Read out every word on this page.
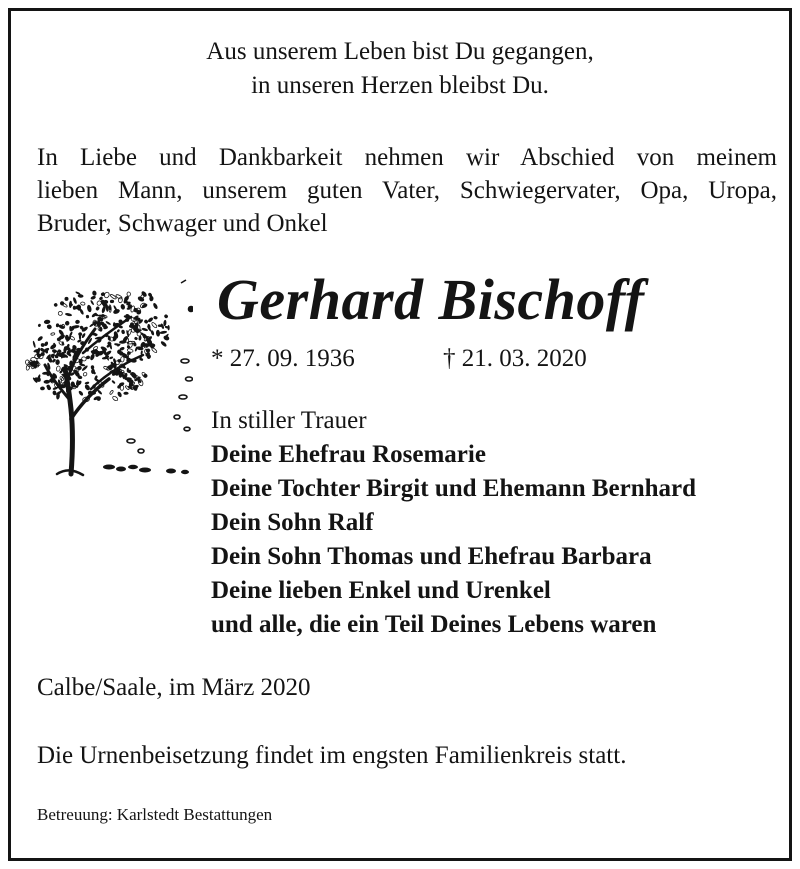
Aus unserem Leben bist Du gegangen,
in unseren Herzen bleibst Du.
In Liebe und Dankbarkeit nehmen wir Abschied von meinem
lieben Mann, unserem guten Vater, Schwiegervater, Opa, Uropa,
Bruder, Schwager und Onkel
Gerhard Bischoff
* 27. 09. 1936	† 21. 03. 2020
In stiller Trauer
Deine Ehefrau Rosemarie
Deine Tochter Birgit und Ehemann Bernhard
Dein Sohn Ralf
Dein Sohn Thomas und Ehefrau Barbara
Deine lieben Enkel und Urenkel
und alle, die ein Teil Deines Lebens waren
Calbe/Saale, im März 2020
Die Urnenbeisetzung findet im engsten Familienkreis statt.
Betreuung: Karlstedt Bestattungen
